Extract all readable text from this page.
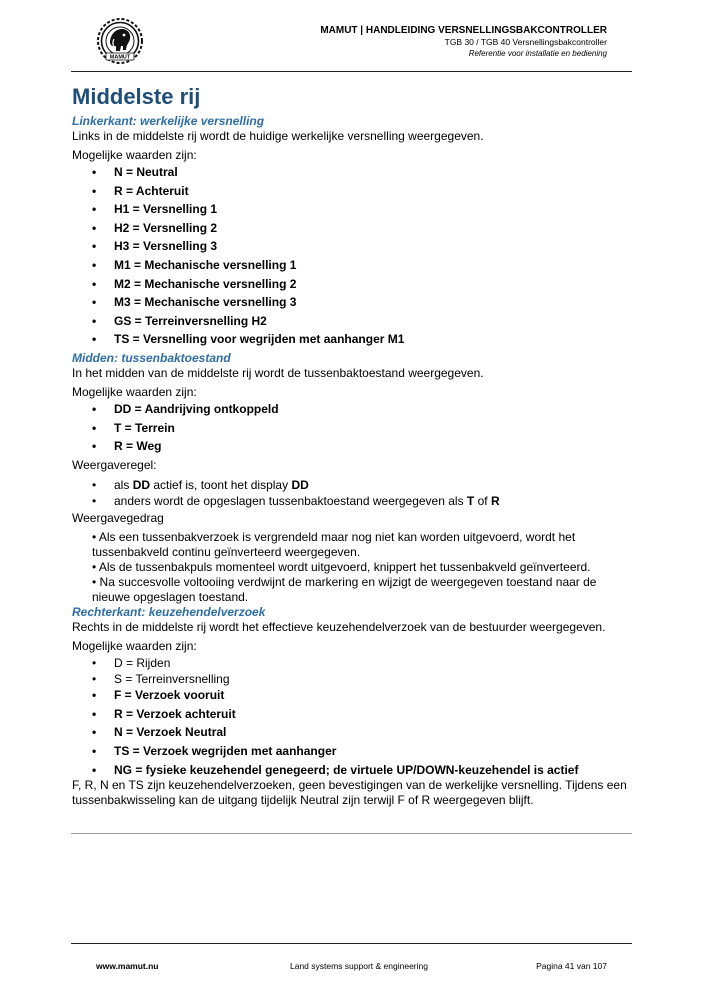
MAMUT
MAMUT | HANDLEIDING VERSNELLINGSBAKCONTROLLER
TGB 30 / TGB 40 Versnellingsbakcontroller
Referentie voor installatie en bediening
Middelste rij

Linkerkant: werkelijke versnelling

Links in de middelste rij wordt de huidige werkelijke versnelling weergegeven.

Mogelijke waarden zijn:

• N = Neutral
• R = Achteruit
• H1 = Versnelling 1
• H2 = Versnelling 2
• H3 = Versnelling 3
• M1 = Mechanische versnelling 1
• M2 = Mechanische versnelling 2
• M3 = Mechanische versnelling 3
• GS = Terreinversnelling H2
• TS = Versnelling voor wegrijden met aanhanger M1

Midden: tussenbaktoestand

In het midden van de middelste rij wordt de tussenbaktoestand weergegeven.

Mogelijke waarden zijn:

• DD = Aandrijving ontkoppeld
• T = Terrein
• R = Weg

Weergaveregel:

• als DD actief is, toont het display DD
• anders wordt de opgeslagen tussenbaktoestand weergegeven als T of R

Weergavegedrag

• Als een tussenbakverzoek is vergrendeld maar nog niet kan worden uitgevoerd, wordt het tussenbakveld continu geïnverteerd weergegeven.

• Als de tussenbakpuls momenteel wordt uitgevoerd, knippert het tussenbakveld geïnverteerd.

• Na succesvolle voltooiing verdwijnt de markering en wijzigt de weergegeven toestand naar de nieuwe opgeslagen toestand.

Rechterkant: keuzehendelverzoek

Rechts in de middelste rij wordt het effectieve keuzehendelverzoek van de bestuurder weergegeven.

Mogelijke waarden zijn:

• D = Rijden
• S = Terreinversnelling
• F = Verzoek vooruit
• R = Verzoek achteruit
• N = Verzoek Neutral
• TS = Verzoek wegrijden met aanhanger
• NG = fysieke keuzehendel genegeerd; de virtuele UP/DOWN-keuzehendel is actief

F, R, N en TS zijn keuzehendelverzoeken, geen bevestigingen van de werkelijke versnelling. Tijdens een tussenbakwisseling kan de uitgang tijdelijk Neutral zijn terwijl F of R weergegeven blijft.

www.mamut.nu	Land systems support & engineering	Pagina 41 van 107
